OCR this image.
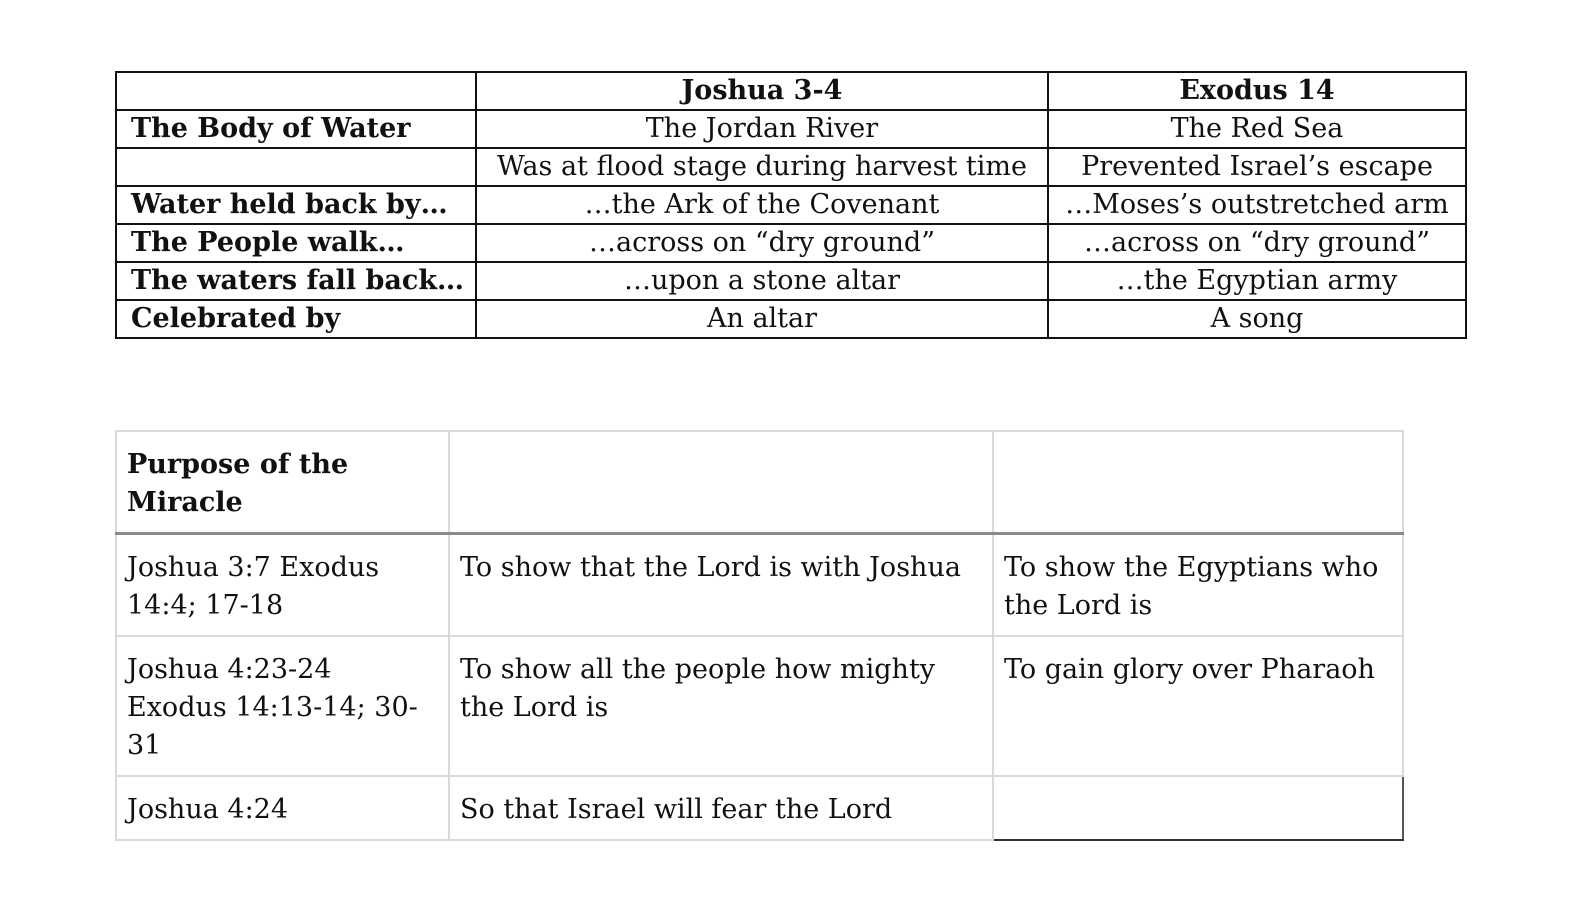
	Joshua 3-4	Exodus 14
The Body of Water	The Jordan River	The Red Sea
	Was at flood stage during harvest time	Prevented Israel’s escape
Water held back by…	…the Ark of the Covenant	…Moses’s outstretched arm
The People walk…	…across on “dry ground”	…across on “dry ground”
The waters fall back…	…upon a stone altar	…the Egyptian army
Celebrated by	An altar	A song
Purpose of the Miracle		
Joshua 3:7 Exodus 14:4; 17-18	To show that the Lord is with Joshua	To show the Egyptians who the Lord is
Joshua 4:23-24 Exodus 14:13-14; 30-31	To show all the people how mighty the Lord is	To gain glory over Pharaoh
Joshua 4:24	So that Israel will fear the Lord	
